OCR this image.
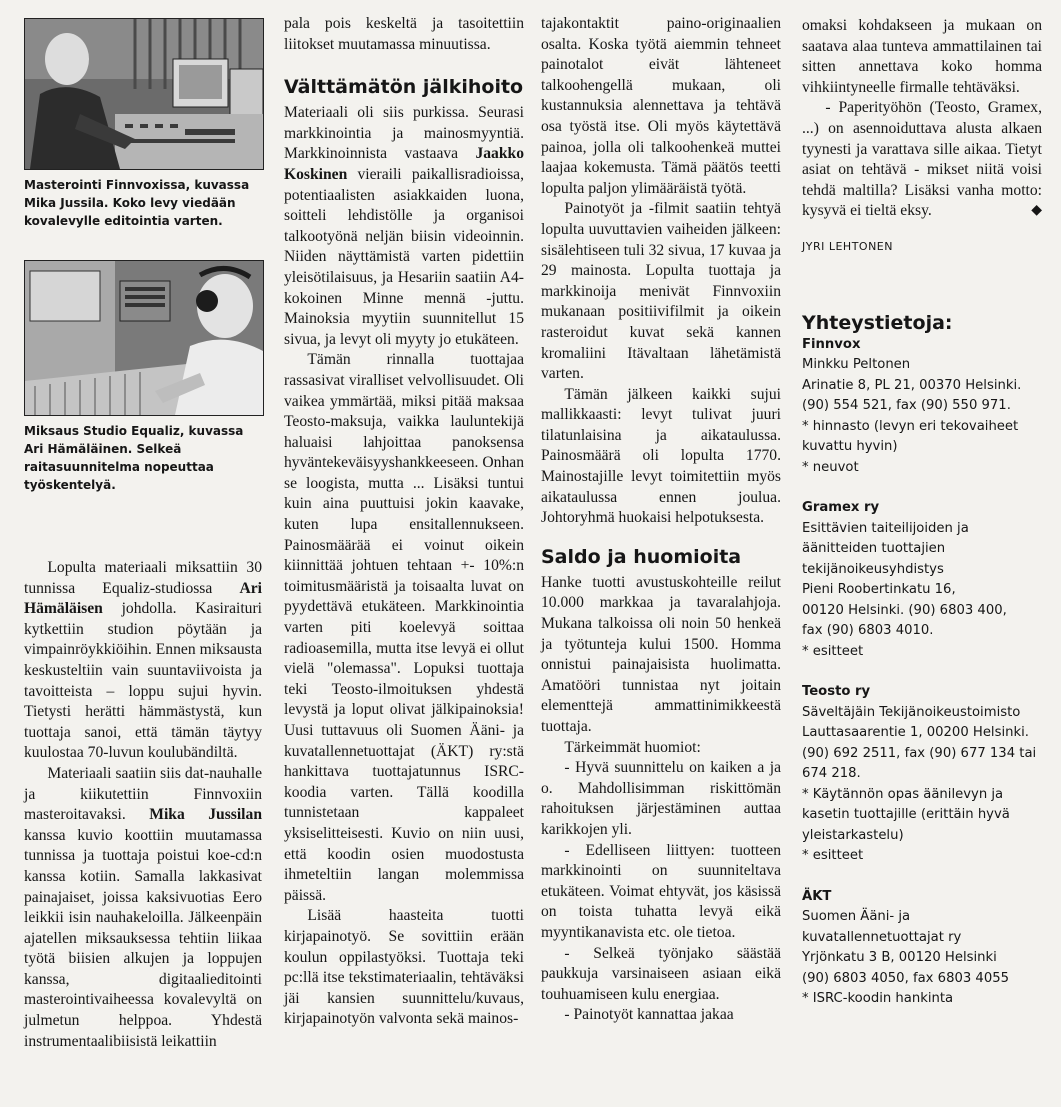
Masterointi Finnvoxissa, kuvassa Mika Jussila. Koko levy viedään kovalevylle editointia varten.
Miksaus Studio Equaliz, kuvassa Ari Hämäläinen. Selkeä raitasuunnitelma nopeuttaa työskentelyä.

Lopulta materiaali miksattiin 30 tunnissa Equaliz-studiossa Ari Hämäläisen johdolla. Kasiraituri kytkettiin studion pöytään ja vimpainröykkiöihin. Ennen miksausta keskusteltiin vain suuntaviivoista ja tavoitteista – loppu sujui hyvin. Tietysti herätti hämmästystä, kun tuottaja sanoi, että tämän täytyy kuulostaa 70-luvun koulubändiltä.

Materiaali saatiin siis dat-nauhalle ja kiikutettiin Finnvoxiin masteroitavaksi. Mika Jussilan kanssa kuvio koottiin muutamassa tunnissa ja tuottaja poistui koe-cd:n kanssa kotiin. Samalla lakkasivat painajaiset, joissa kaksivuotias Eero leikkii isin nauhakeloilla. Jälkeenpäin ajatellen miksauksessa tehtiin liikaa työtä biisien alkujen ja loppujen kanssa, digitaalieditointi masterointivaiheessa kovalevyltä on julmetun helppoa. Yhdestä instrumentaalibiisistä leikattiin

pala pois keskeltä ja tasoitettiin liitokset muutamassa minuutissa.

Välttämätön jälkihoito

Materiaali oli siis purkissa. Seurasi markkinointia ja mainosmyyntiä. Markkinoinnista vastaava Jaakko Koskinen vieraili paikallisradioissa, potentiaalisten asiakkaiden luona, soitteli lehdistölle ja organisoi talkootyönä neljän biisin videoinnin. Niiden näyttämistä varten pidettiin yleisötilaisuus, ja Hesariin saatiin A4-kokoinen Minne mennä -juttu. Mainoksia myytiin suunnitellut 15 sivua, ja levyt oli myyty jo etukäteen.

Tämän rinnalla tuottajaa rassasivat viralliset velvollisuudet. Oli vaikea ymmärtää, miksi pitää maksaa Teosto-maksuja, vaikka lauluntekijä haluaisi lahjoittaa panoksensa hyväntekeväisyyshankkeeseen. Onhan se loogista, mutta ... Lisäksi tuntui kuin aina puuttuisi jokin kaavake, kuten lupa ensitallennukseen. Painosmäärää ei voinut oikein kiinnittää johtuen tehtaan +- 10%:n toimitusmääristä ja toisaalta luvat on pyydettävä etukäteen. Markkinointia varten piti koelevyä soittaa radioasemilla, mutta itse levyä ei ollut vielä "olemassa". Lopuksi tuottaja teki Teosto-ilmoituksen yhdestä levystä ja loput olivat jälkipainoksia! Uusi tuttavuus oli Suomen Ääni- ja kuvatallennetuottajat (ÄKT) ry:stä hankittava tuottajatunnus ISRC-koodia varten. Tällä koodilla tunnistetaan kappaleet yksiselitteisesti. Kuvio on niin uusi, että koodin osien muodostusta ihmeteltiin langan molemmissa päissä.

Lisää haasteita tuotti kirjapainotyö. Se sovittiin erään koulun oppilastyöksi. Tuottaja teki pc:llä itse tekstimateriaalin, tehtäväksi jäi kansien suunnittelu/kuvaus, kirjapainotyön valvonta sekä mainos-

tajakontaktit paino-originaalien osalta. Koska työtä aiemmin tehneet painotalot eivät lähteneet talkoohengellä mukaan, oli kustannuksia alennettava ja tehtävä osa työstä itse. Oli myös käytettävä painoa, jolla oli talkoohenkeä muttei laajaa kokemusta. Tämä päätös teetti lopulta paljon ylimääräistä työtä.

Painotyöt ja -filmit saatiin tehtyä lopulta uuvuttavien vaiheiden jälkeen: sisälehtiseen tuli 32 sivua, 17 kuvaa ja 29 mainosta. Lopulta tuottaja ja markkinoija menivät Finnvoxiin mukanaan positiivifilmit ja oikein rasteroidut kuvat sekä kannen kromaliini Itävaltaan lähetämistä varten.

Tämän jälkeen kaikki sujui mallikkaasti: levyt tulivat juuri tilatunlaisina ja aikataulussa. Painosmäärä oli lopulta 1770. Mainostajille levyt toimitettiin myös aikataulussa ennen joulua. Johtoryhmä huokaisi helpotuksesta.

Saldo ja huomioita

Hanke tuotti avustuskohteille reilut 10.000 markkaa ja tavaralahjoja. Mukana talkoissa oli noin 50 henkeä ja työtunteja kului 1500. Homma onnistui painajaisista huolimatta. Amatööri tunnistaa nyt joitain elementtejä ammattinimikkeestä tuottaja.

Tärkeimmät huomiot:

- Hyvä suunnittelu on kaiken a ja o. Mahdollisimman riskittömän rahoituksen järjestäminen auttaa karikkojen yli.

- Edelliseen liittyen: tuotteen markkinointi on suunniteltava etukäteen. Voimat ehtyvät, jos käsissä on toista tuhatta levyä eikä myyntikanavista etc. ole tietoa.

- Selkeä työnjako säästää paukkuja varsinaiseen asiaan eikä touhuamiseen kulu energiaa.

- Painotyöt kannattaa jakaa

omaksi kohdakseen ja mukaan on saatava alaa tunteva ammattilainen tai sitten annettava koko homma vihkiintyneelle firmalle tehtäväksi.

- Paperityöhön (Teosto, Gramex, ...) on asennoiduttava alusta alkaen tyynesti ja varattava sille aikaa. Tietyt asiat on tehtävä - mikset niitä voisi tehdä maltilla? Lisäksi vanha motto: kysyvä ei tieltä eksy.	◆

JYRI LEHTONEN
Yhteystietoja:

Finnvox

Minkku Peltonen

Arinatie 8, PL 21, 00370 Helsinki.

(90) 554 521, fax (90) 550 971.

* hinnasto (levyn eri tekovaiheet kuvattu hyvin)

* neuvot

Gramex ry

Esittävien taiteilijoiden ja äänitteiden tuottajien tekijänoikeusyhdistys

Pieni Roobertinkatu 16,

00120 Helsinki. (90) 6803 400,

fax (90) 6803 4010.

* esitteet

Teosto ry

Säveltäjäin Tekijänoikeustoimisto

Lauttasaarentie 1, 00200 Helsinki.

(90) 692 2511, fax (90) 677 134 tai 674 218.

* Käytännön opas äänilevyn ja kasetin tuottajille (erittäin hyvä yleistarkastelu)

* esitteet

ÄKT

Suomen Ääni- ja kuvatallennetuottajat ry

Yrjönkatu 3 B, 00120 Helsinki

(90) 6803 4050, fax 6803 4055

* ISRC-koodin hankinta
